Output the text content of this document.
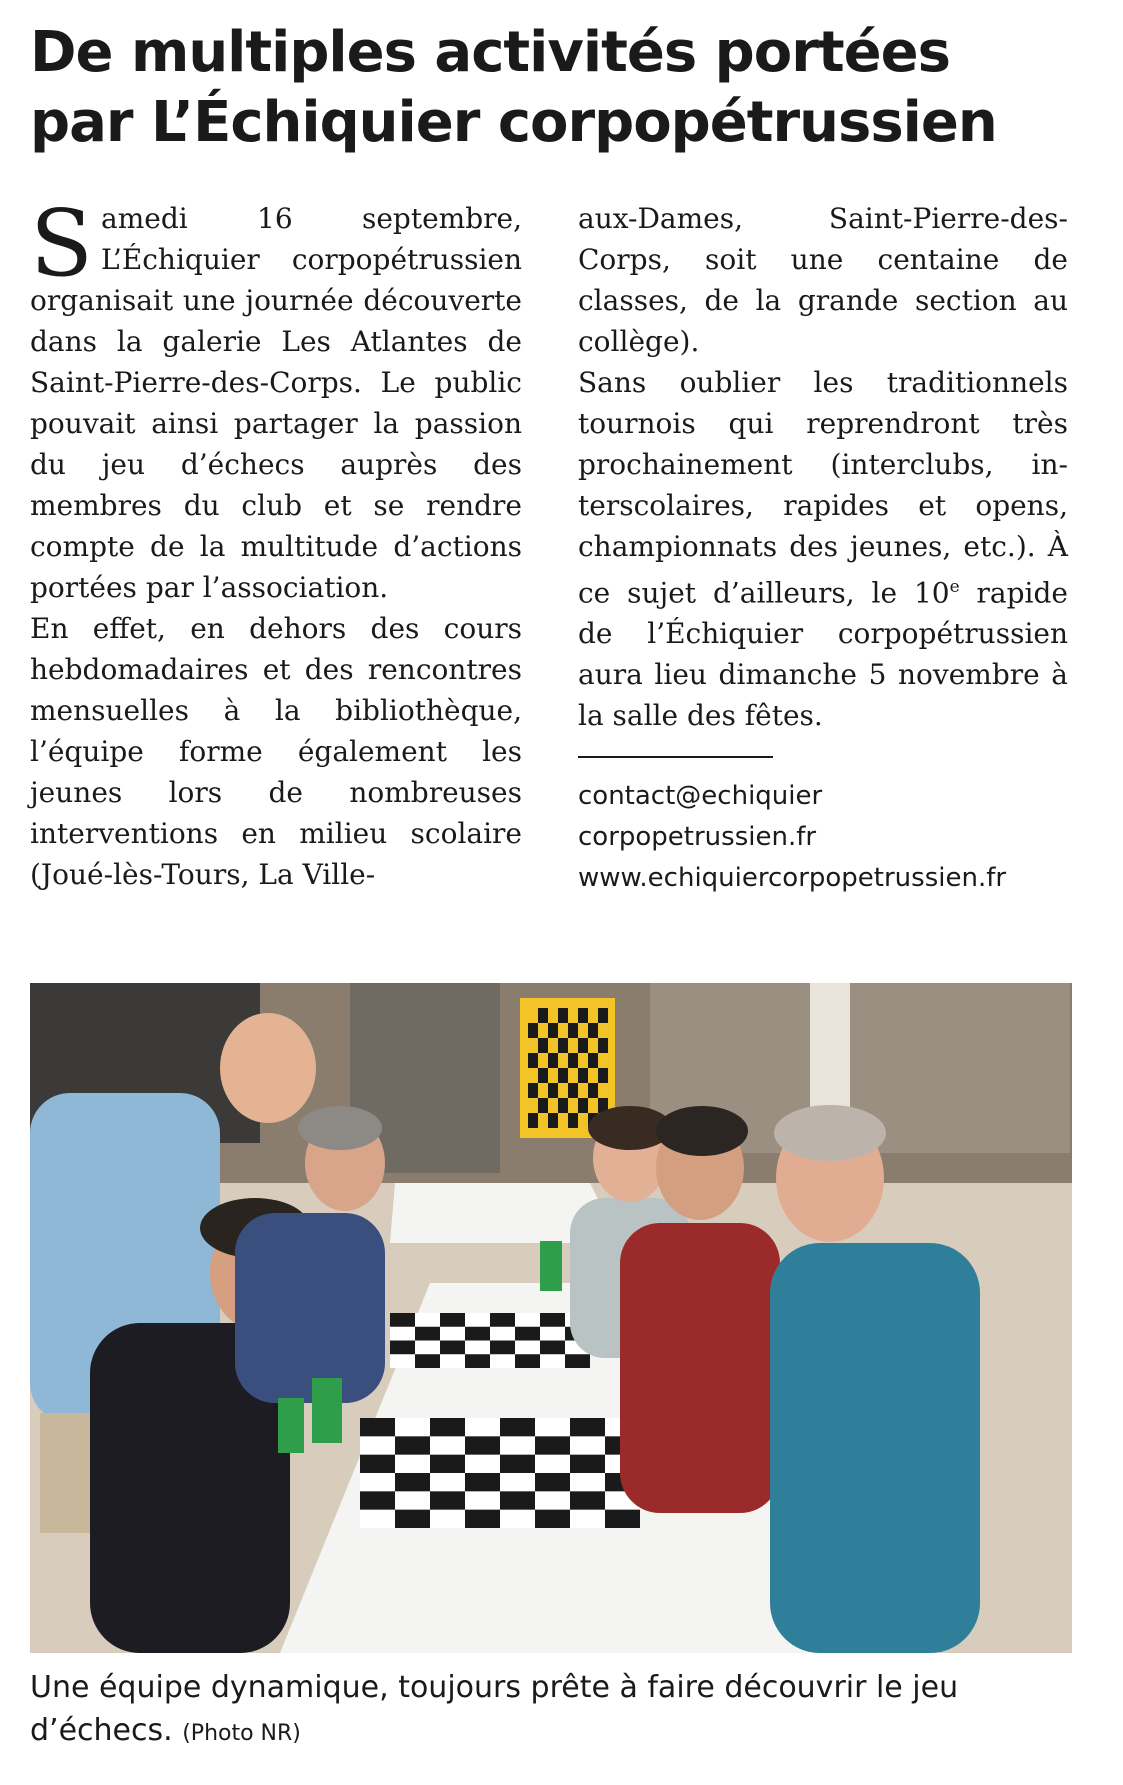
De multiples activités portées
par L’Échiquier corpopétrussien

Samedi 16 septembre, L’Échiquier corpopétrussien organisait une journée découverte dans la galerie Les Atlantes de Saint-Pierre-des-Corps. Le public pouvait ainsi partager la passion du jeu d’échecs auprès des membres du club et se rendre compte de la multitude d’actions portées par l’association.

En effet, en dehors des cours hebdomadaires et des rencontres mensuelles à la bibliothèque, l’équipe forme également les jeunes lors de nombreuses interventions en milieu scolaire (Joué-lès-Tours, La Ville-

aux-Dames, Saint-Pierre-des-Corps, soit une centaine de classes, de la grande section au collège).

Sans oublier les traditionnels tournois qui reprendront très prochainement (interclubs, interscolaires, rapides et opens, championnats des jeunes, etc.). À ce sujet d’ailleurs, le 10e rapide de l’Échiquier corpopétrussien aura lieu dimanche 5 novembre à la salle des fêtes.

contact@echiquier
corpopetrussien.fr
www.echiquiercorpopetrussien.fr
Une équipe dynamique, toujours prête à faire découvrir le jeu d’échecs. (Photo NR)
